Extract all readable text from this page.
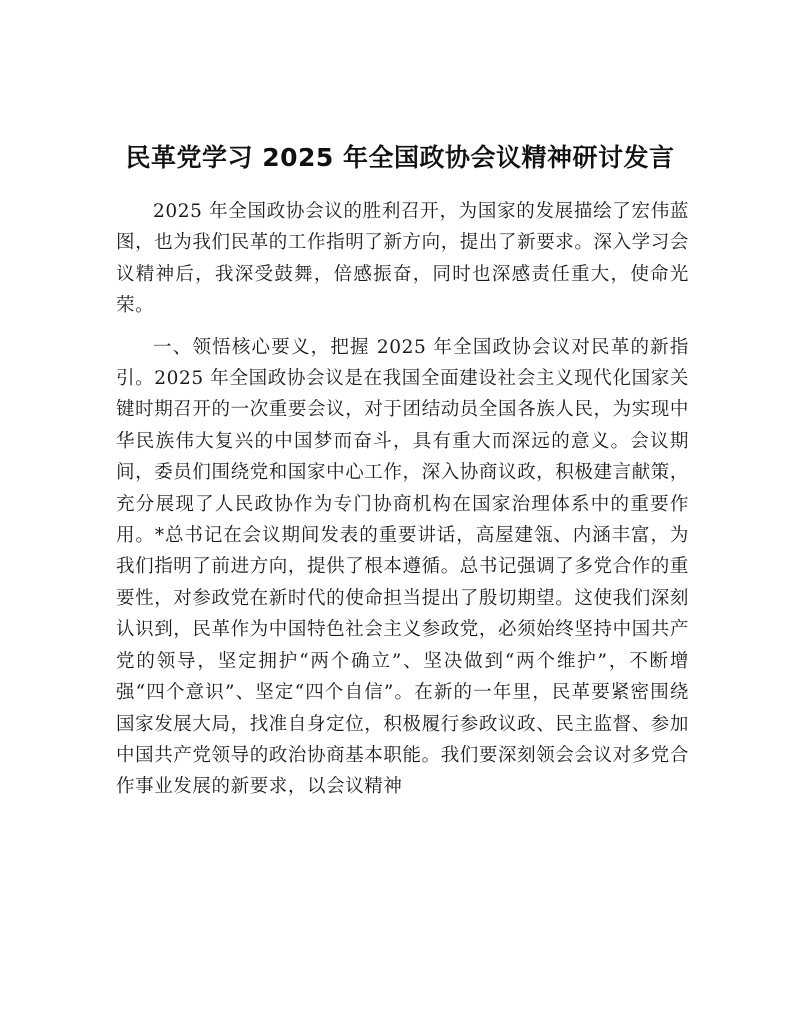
民革党学习 2025 年全国政协会议精神研讨发言

2025 年全国政协会议的胜利召开，为国家的发展描绘了宏伟蓝图，也为我们民革的工作指明了新方向，提出了新要求。深入学习会议精神后，我深受鼓舞，倍感振奋，同时也深感责任重大，使命光荣。

一、领悟核心要义，把握 2025 年全国政协会议对民革的新指引。2025 年全国政协会议是在我国全面建设社会主义现代化国家关键时期召开的一次重要会议，对于团结动员全国各族人民，为实现中华民族伟大复兴的中国梦而奋斗，具有重大而深远的意义。会议期间，委员们围绕党和国家中心工作，深入协商议政，积极建言献策，充分展现了人民政协作为专门协商机构在国家治理体系中的重要作用。*总书记在会议期间发表的重要讲话，高屋建瓴、内涵丰富，为我们指明了前进方向，提供了根本遵循。总书记强调了多党合作的重要性，对参政党在新时代的使命担当提出了殷切期望。这使我们深刻认识到，民革作为中国特色社会主义参政党，必须始终坚持中国共产党的领导，坚定拥护“两个确立”、坚决做到“两个维护”，不断增强“四个意识”、坚定“四个自信”。在新的一年里，民革要紧密围绕国家发展大局，找准自身定位，积极履行参政议政、民主监督、参加中国共产党领导的政治协商基本职能。我们要深刻领会会议对多党合作事业发展的新要求，以会议精神
